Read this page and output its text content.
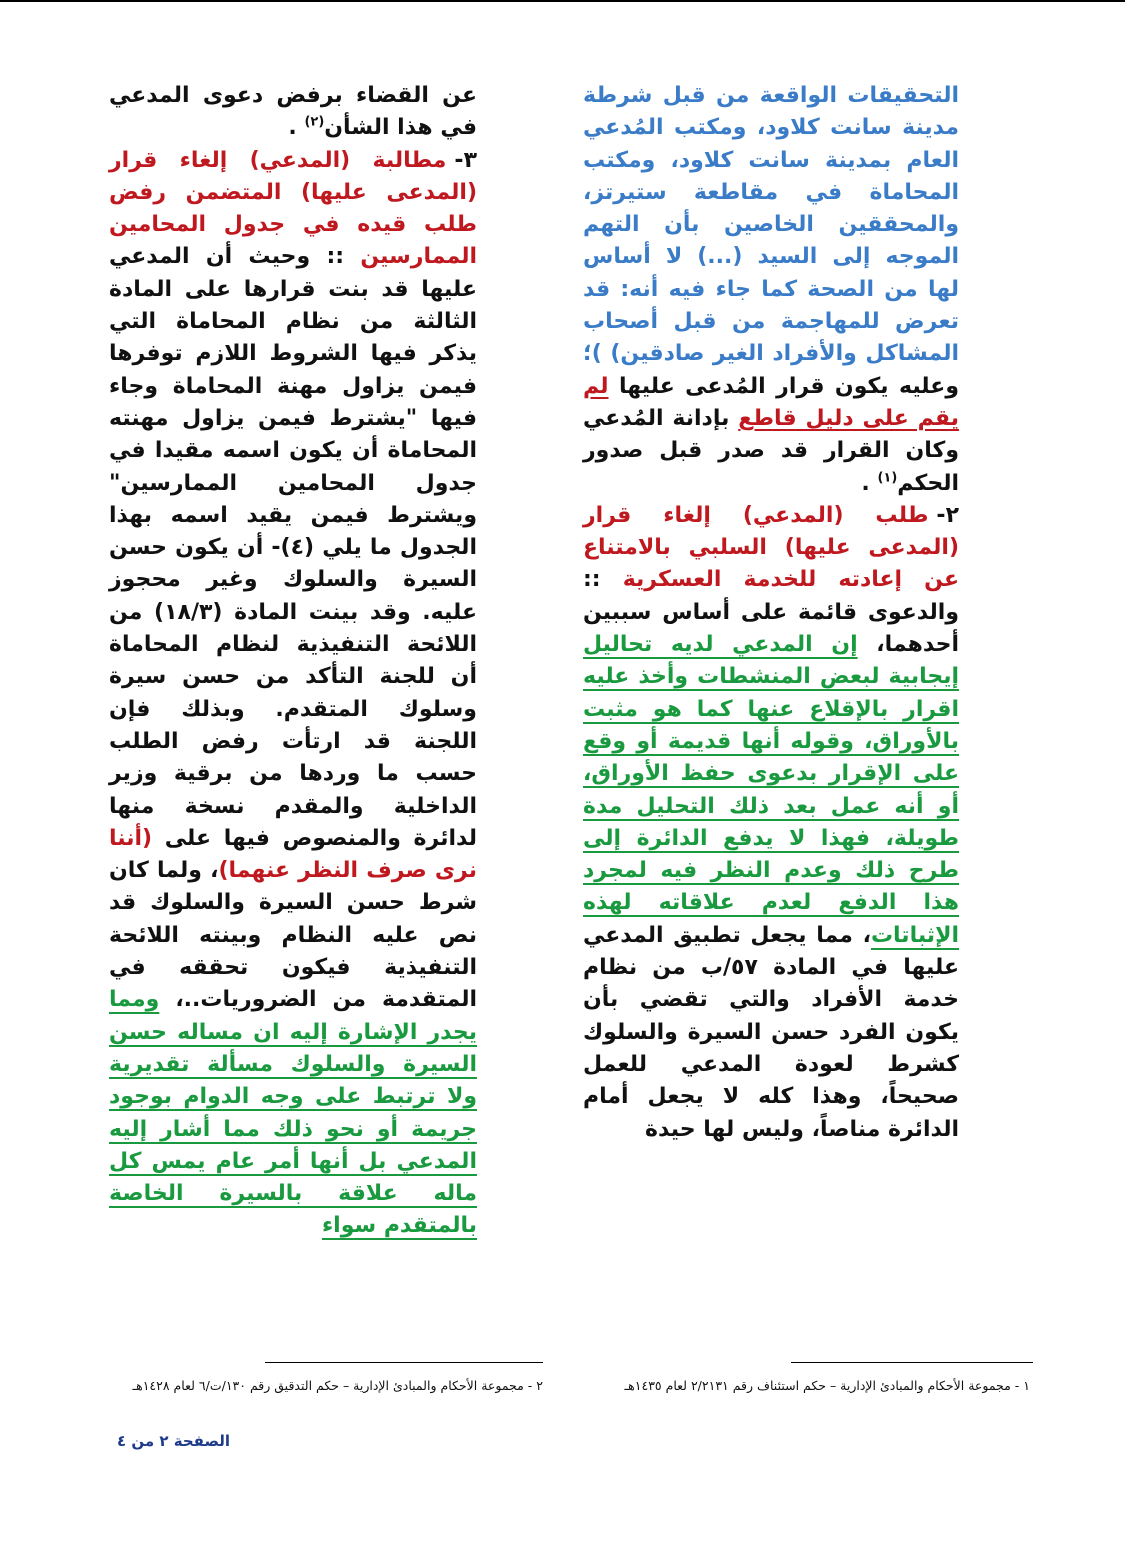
التحقيقات الواقعة من قبل شرطة مدينة سانت كلاود، ومكتب المُدعي العام بمدينة سانت كلاود، ومكتب المحاماة في مقاطعة ستيرتز، والمحققين الخاصين بأن التهم الموجه إلى السيد (...) لا أساس لها من الصحة كما جاء فيه أنه: قد تعرض للمهاجمة من قبل أصحاب المشاكل والأفراد الغير صادقين) )؛ وعليه يكون قرار المُدعى عليها لم يقم على دليل قاطع بإدانة المُدعي وكان القرار قد صدر قبل صدور الحكم$^{(١)}$ .
٢-طلب (المدعي) إلغاء قرار (المدعى عليها) السلبي بالامتناع عن إعادته للخدمة العسكرية :: والدعوى قائمة على أساس سببين أحدهما، إن المدعي لديه تحاليل إيجابية لبعض المنشطات وأخذ عليه اقرار بالإقلاع عنها كما هو مثبت بالأوراق، وقوله أنها قديمة أو وقع على الإقرار بدعوى حفظ الأوراق، أو أنه عمل بعد ذلك التحليل مدة طويلة، فهذا لا يدفع الدائرة إلى طرح ذلك وعدم النظر فيه لمجرد هذا الدفع لعدم علاقاته لهذه الإثباتات، مما يجعل تطبيق المدعي عليها في المادة ٥٧/ب من نظام خدمة الأفراد والتي تقضي بأن يكون الفرد حسن السيرة والسلوك كشرط لعودة المدعي للعمل صحيحاً، وهذا كله لا يجعل أمام الدائرة مناصاً، وليس لها حيدة
عن القضاء برفض دعوى المدعي في هذا الشأن$^{(٢)}$ .
٣-مطالبة (المدعي) إلغاء قرار (المدعى عليها) المتضمن رفض طلب قيده في جدول المحامين الممارسين :: وحيث أن المدعي عليها قد بنت قرارها على المادة الثالثة من نظام المحاماة التي يذكر فيها الشروط اللازم توفرها فيمن يزاول مهنة المحاماة وجاء فيها "يشترط فيمن يزاول مهنته المحاماة أن يكون اسمه مقيدا في جدول المحامين الممارسين" ويشترط فيمن يقيد اسمه بهذا الجدول ما يلي (٤)- أن يكون حسن السيرة والسلوك وغير محجوز عليه. وقد بينت المادة (١٨/٣) من اللائحة التنفيذية لنظام المحاماة أن للجنة التأكد من حسن سيرة وسلوك المتقدم. وبذلك فإن اللجنة قد ارتأت رفض الطلب حسب ما وردها من برقية وزير الداخلية والمقدم نسخة منها لدائرة والمنصوص فيها على (أننا نرى صرف النظر عنهما)، ولما كان شرط حسن السيرة والسلوك قد نص عليه النظام وبينته اللائحة التنفيذية فيكون تحققه في المتقدمة من الضروريات..، ومما يجدر الإشارة إليه ان مساله حسن السيرة والسلوك مسألة تقديرية ولا ترتبط على وجه الدوام بوجود جريمة أو نحو ذلك مما أشار إليه المدعي بل أنها أمر عام يمس كل ماله علاقة بالسيرة الخاصة بالمتقدم سواء
١ - مجموعة الأحكام والمبادئ الإدارية – حكم استئناف رقم ٢/٢١٣١ لعام ١٤٣٥هـ
٢ - مجموعة الأحكام والمبادئ الإدارية – حكم التدقيق رقم ١٣٠/ت/٦ لعام ١٤٢٨هـ
الصفحة ٢ من ٤
